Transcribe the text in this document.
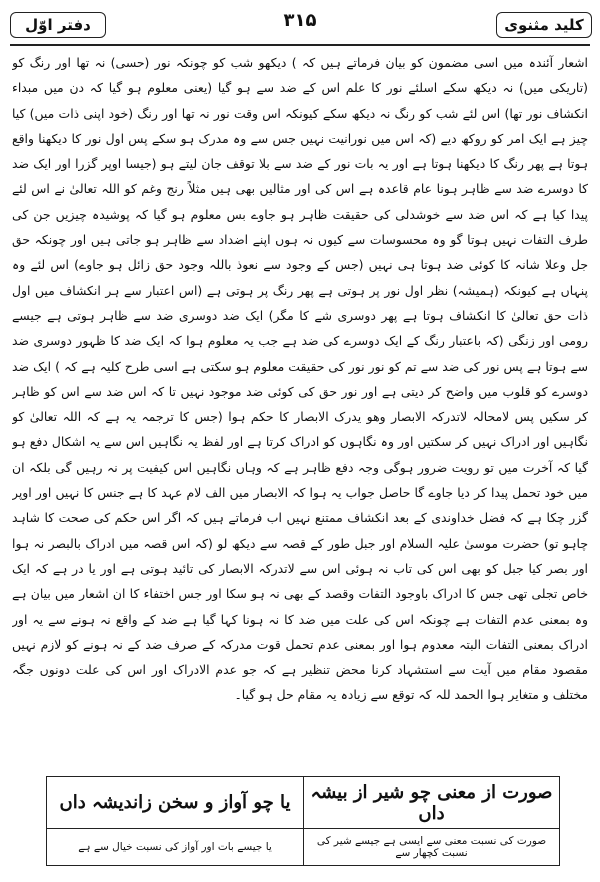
کلید مثنوی
۳۱۵
دفتر اوّل

اشعار آئندہ میں اسی مضمون کو بیان فرماتے ہیں کہ ) دیکھو شب کو چونکہ نور (حسی) نہ تھا اور رنگ کو (تاریکی میں) نہ دیکھ سکے اسلئے نور کا علم اس کے ضد سے ہو گیا (یعنی معلوم ہو گیا کہ دن میں مبداء انکشاف نور تھا) اس لئے شب کو رنگ نہ دیکھ سکے کیونکہ اس وقت نور نہ تھا اور رنگ (خود اپنی ذات میں) کیا چیز ہے ایک امر کو روکھ دیے (کہ اس میں نورانیت نہیں جس سے وہ مدرک ہو سکے پس اول نور کا دیکھنا واقع ہوتا ہے پھر رنگ کا دیکھنا ہوتا ہے اور یہ بات نور کے ضد سے بلا توقف جان لیتے ہو (جیسا اوپر گزرا اور ایک ضد کا دوسرے ضد سے ظاہر ہونا عام قاعدہ ہے اس کی اور مثالیں بھی ہیں مثلاً رنج وغم کو اللہ تعالیٰ نے اس لئے پیدا کیا ہے کہ اس ضد سے خوشدلی کی حقیقت ظاہر ہو جاوے بس معلوم ہو گیا کہ پوشیدہ چیزیں جن کی طرف التفات نہیں ہوتا گو وہ محسوسات سے کیوں نہ ہوں اپنے اضداد سے ظاہر ہو جاتی ہیں اور چونکہ حق جل وعلا شانہ کا کوئی ضد ہوتا ہی نہیں (جس کے وجود سے نعوذ باللہ وجود حق زائل ہو جاوے) اس لئے وہ پنہاں ہے کیونکہ (ہمیشہ) نظر اول نور پر ہوتی ہے پھر رنگ پر ہوتی ہے (اس اعتبار سے ہر انکشاف میں اول ذات حق تعالیٰ کا انکشاف ہوتا ہے پھر دوسری شے کا مگر) ایک ضد دوسری ضد سے ظاہر ہوتی ہے جیسے رومی اور زنگی (کہ باعتبار رنگ کے ایک دوسرے کی ضد ہے جب یہ معلوم ہوا کہ ایک ضد کا ظہور دوسری ضد سے ہوتا ہے پس نور کی ضد سے تم کو نور نور کی حقیقت معلوم ہو سکتی ہے اسی طرح کلیہ ہے کہ ) ایک ضد دوسرے کو قلوب میں واضح کر دیتی ہے اور نور حق کی کوئی ضد موجود نہیں تا کہ اس ضد سے اس کو ظاہر کر سکیں پس لامحالہ لاتدرکہ الابصار وھو یدرک الابصار کا حکم ہوا (جس کا ترجمہ یہ ہے کہ اللہ تعالیٰ کو نگاہیں اور ادراک نہیں کر سکتیں اور وہ نگاہوں کو ادراک کرتا ہے اور لفظ یہ نگاہیں اس سے یہ اشکال دفع ہو گیا کہ آخرت میں تو رویت ضرور ہوگی وجہ دفع ظاہر ہے کہ وہاں نگاہیں اس کیفیت پر نہ رہیں گی بلکہ ان میں خود تحمل پیدا کر دیا جاوے گا حاصل جواب یہ ہوا کہ الابصار میں الف لام عہد کا ہے جنس کا نہیں اور اوپر گزر چکا ہے کہ فضل خداوندی کے بعد انکشاف ممتنع نہیں اب فرماتے ہیں کہ اگر اس حکم کی صحت کا شاہد چاہو تو) حضرت موسیٰ علیہ السلام اور جبل طور کے قصہ سے دیکھ لو (کہ اس قصہ میں ادراک بالبصر نہ ہوا اور بصر کیا جبل کو بھی اس کی تاب نہ ہوئی اس سے لاتدرکہ الابصار کی تائید ہوتی ہے اور یا در ہے کہ ایک خاص تجلی تھی جس کا ادراک باوجود التفات وقصد کے بھی نہ ہو سکا اور جس اختفاء کا ان اشعار میں بیان ہے وہ بمعنی عدم التفات ہے چونکہ اس کی علت میں ضد کا نہ ہونا کہا گیا ہے ضد کے واقع نہ ہونے سے یہ اور ادراک بمعنی التفات البتہ معدوم ہوا اور بمعنی عدم تحمل قوت مدرکہ کے صرف ضد کے نہ ہونے کو لازم نہیں مقصود مقام میں آیت سے استشہاد کرنا محض تنظیر ہے کہ جو عدم الادراک اور اس کی علت دونوں جگہ مختلف و متغایر ہوا الحمد للہ کہ توقع سے زیادہ یہ مقام حل ہو گیا۔

صورت از معنی چو شیر از بیشہ داں
یا چو آواز و سخن زاندیشہ داں
صورت کی نسبت معنی سے ایسی ہے جیسے شیر کی نسبت کچھار سے
یا جیسے بات اور آواز کی نسبت خیال سے ہے
